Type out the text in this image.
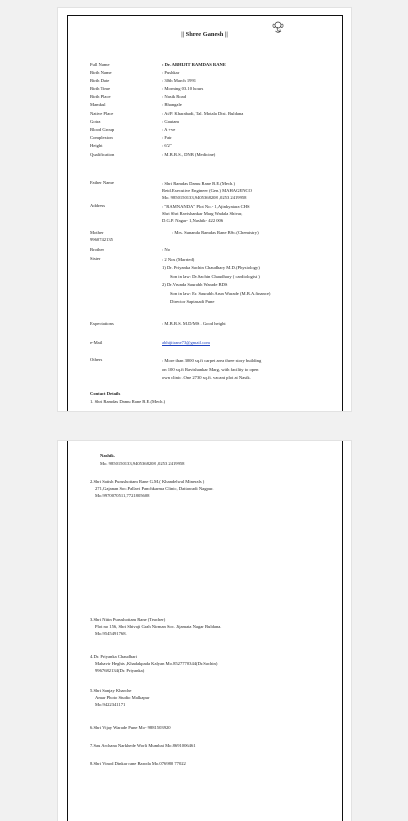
|| Shree Ganesh ||
Full Name	: Dr. ABHIJIT RAMDAS RANE
Birth Name	: Pushkar
Birth Date	: 30th March 1991
Birth Time	: Morning 03.10 hours
Birth Place	: Nasik Road
Mamkul	: Bhangale
Native Place	: At/P. Kharabadi, Tal. Motala Dist. Buldana
Gotra	: Gautam
Blood Group	: A +ve
Complexion	: Fair
Height	: 6'2"
Qualification	: M.B.B.S., DNB (Medicine)
Father Name	: Shri Ramdas Damu Rane B.E.(Mech.)
Retd.Executive Engineer (Gen.) MAHAGENCO
Mo. 9850150133,9405368208 ,0253 2419958
Address	: "RAMNANDA" Plot No.- 1,Ajinkyatara CHS
Shri Shri Ravishankar Marg Wadala Shivar,
D.G.P. Nagar- 1,Nashik- 422 006
Mother	: Mrs. Sunanda Ramdas Rane BSc.(Chemistry)
9960742135
Brother	: No
Sister	: 2 Nos (Married)
1) Dr. Priyanka Sachin Chaudhary M.D.(Physiology)
Son in law: Dr.Sachin Chaudhary ( cardiologist )
2) Dr.Vrunda Saurabh Warade BDS
Son in law: Er. Saurabh Arun Warade (M.B.A.finance)
Director Saptasadi Pune
Expectations	: M.B.B.S. M.D/MS . Good height
e-Mail	abhijitrane73@gmail.com
Others	: More than 3000 sq.ft carpet area three story building
on 100 sq.ft Ravishankar Marg, with facility to open
own clinic .One 2730 sq.ft. vacant plot at Nasik.
Contact Details
1. Shri Ramdas Damu Rane B.E.(Mech.)
Nashik.
Mo. 9850150133,9405368208 ,0253 2419958
2.Shri Satish Purushottam Rane G.M.( Khandelwal Minerals )
271,Gajanan Soc.Pallavi Panchkarma Clinic, Dattawadi Nagpur.
Mo.9970070511,7721805608
3.Shri Nitin Purushottam Rane (Teacher)
Plot no 156, Shri Shivaji Grah Nirman Soc. Jijamata Nagar Buldana.
Mo.9545491768.
4.Dr. Priyanka Chaudhari
Mahavir Heghts ,Khadakpada Kalyan Mo.8527770344(Dr.Sachin)
9967682134(Dr. Priyanka)
5.Shri Sanjay Kharche
Amar Photo Studio Malkapur
Mo.9422341171
6.Shri Vijay Warade Pune Mo- 9881503920
7.Sau Archana Narkhede Worli Mumbai Mo.8691006461
8.Shri Vinod Dinkar rane Baroda Mo.076980 77022
